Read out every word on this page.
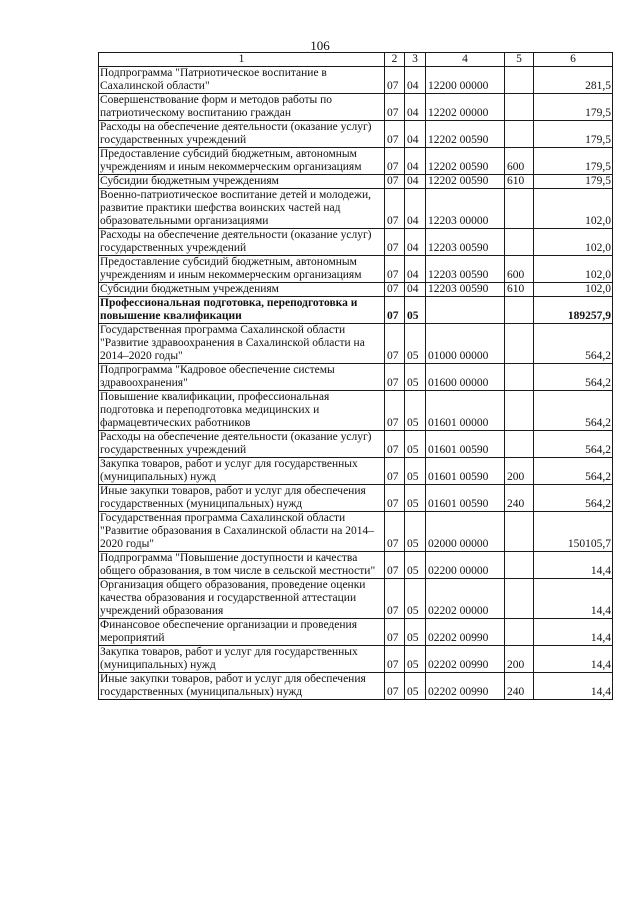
106
1	2	3	4	5	6
Подпрограмма "Патриотическое воспитание в Сахалинской области"	07	04	12200 00000		281,5
Совершенствование форм и методов работы по патриотическому воспитанию граждан	07	04	12202 00000		179,5
Расходы на обеспечение деятельности (оказание услуг) государственных учреждений	07	04	12202 00590		179,5
Предоставление субсидий бюджетным, автономным учреждениям и иным некоммерческим организациям	07	04	12202 00590	600	179,5
Субсидии бюджетным учреждениям	07	04	12202 00590	610	179,5
Военно-патриотическое воспитание детей и молодежи, развитие практики шефства воинских частей над образовательными организациями	07	04	12203 00000		102,0
Расходы на обеспечение деятельности (оказание услуг) государственных учреждений	07	04	12203 00590		102,0
Предоставление субсидий бюджетным, автономным учреждениям и иным некоммерческим организациям	07	04	12203 00590	600	102,0
Субсидии бюджетным учреждениям	07	04	12203 00590	610	102,0
Профессиональная подготовка, переподготовка и повышение квалификации	07	05			189257,9
Государственная программа Сахалинской области "Развитие здравоохранения в Сахалинской области на 2014–2020 годы"	07	05	01000 00000		564,2
Подпрограмма "Кадровое обеспечение системы здравоохранения"	07	05	01600 00000		564,2
Повышение квалификации, профессиональная подготовка и переподготовка медицинских и фармацевтических работников	07	05	01601 00000		564,2
Расходы на обеспечение деятельности (оказание услуг) государственных учреждений	07	05	01601 00590		564,2
Закупка товаров, работ и услуг для государственных (муниципальных) нужд	07	05	01601 00590	200	564,2
Иные закупки товаров, работ и услуг для обеспечения государственных (муниципальных) нужд	07	05	01601 00590	240	564,2
Государственная программа Сахалинской области "Развитие образования в Сахалинской области на 2014–2020 годы"	07	05	02000 00000		150105,7
Подпрограмма "Повышение доступности и качества общего образования, в том числе в сельской местности"	07	05	02200 00000		14,4
Организация общего образования, проведение оценки качества образования и государственной аттестации учреждений образования	07	05	02202 00000		14,4
Финансовое обеспечение организации и проведения мероприятий	07	05	02202 00990		14,4
Закупка товаров, работ и услуг для государственных (муниципальных) нужд	07	05	02202 00990	200	14,4
Иные закупки товаров, работ и услуг для обеспечения государственных (муниципальных) нужд	07	05	02202 00990	240	14,4
